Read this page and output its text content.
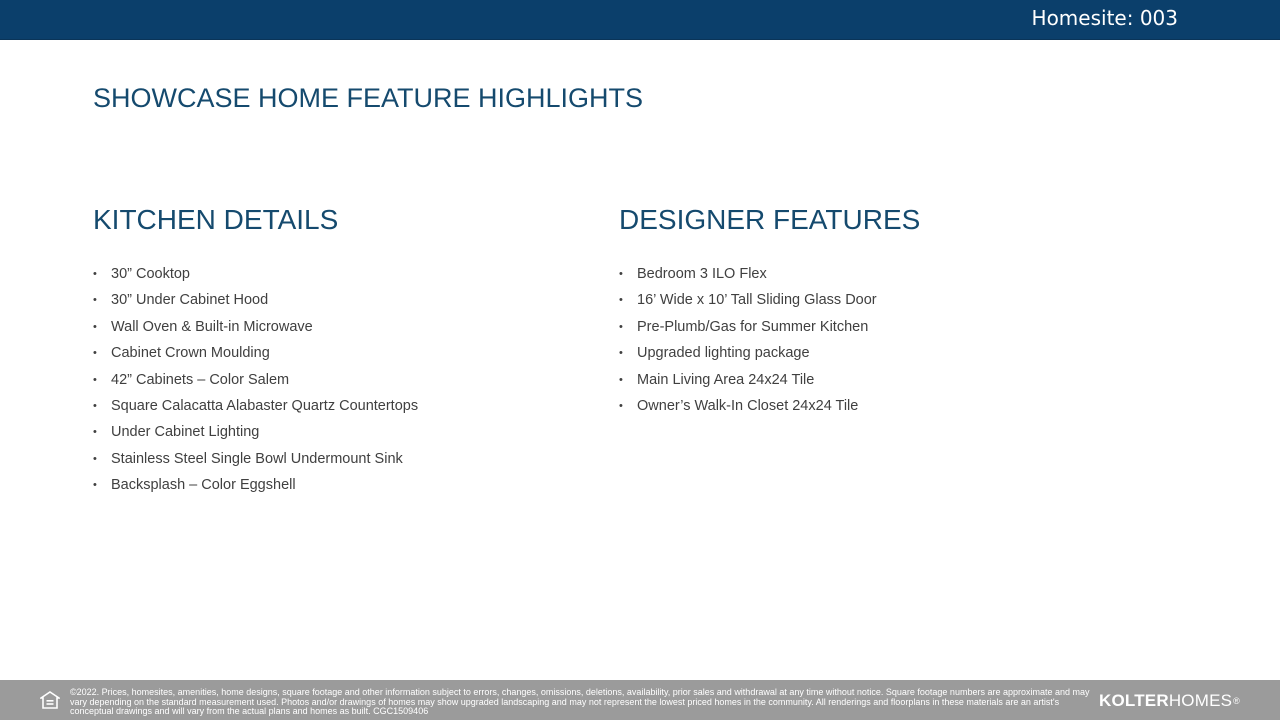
Homesite: 003
SHOWCASE HOME FEATURE HIGHLIGHTS
KITCHEN DETAILS
• 30” Cooktop
• 30” Under Cabinet Hood
• Wall Oven & Built-in Microwave
• Cabinet Crown Moulding
• 42” Cabinets – Color Salem
• Square Calacatta Alabaster Quartz Countertops
• Under Cabinet Lighting
• Stainless Steel Single Bowl Undermount Sink
• Backsplash – Color Eggshell
DESIGNER FEATURES
• Bedroom 3 ILO Flex
• 16’ Wide x 10’ Tall Sliding Glass Door
• Pre-Plumb/Gas for Summer Kitchen
• Upgraded lighting package
• Main Living Area 24x24 Tile
• Owner’s Walk-In Closet 24x24 Tile
©2022. Prices, homesites, amenities, home designs, square footage and other information subject to errors, changes, omissions, deletions, availability, prior sales and withdrawal at any time without notice. Square footage numbers are approximate and may vary depending on the standard measurement used. Photos and/or drawings of homes may show upgraded landscaping and may not represent the lowest priced homes in the community. All renderings and floorplans in these materials are an artist's conceptual drawings and will vary from the actual plans and homes as built. CGC1509406
KOLTERHOMES®
